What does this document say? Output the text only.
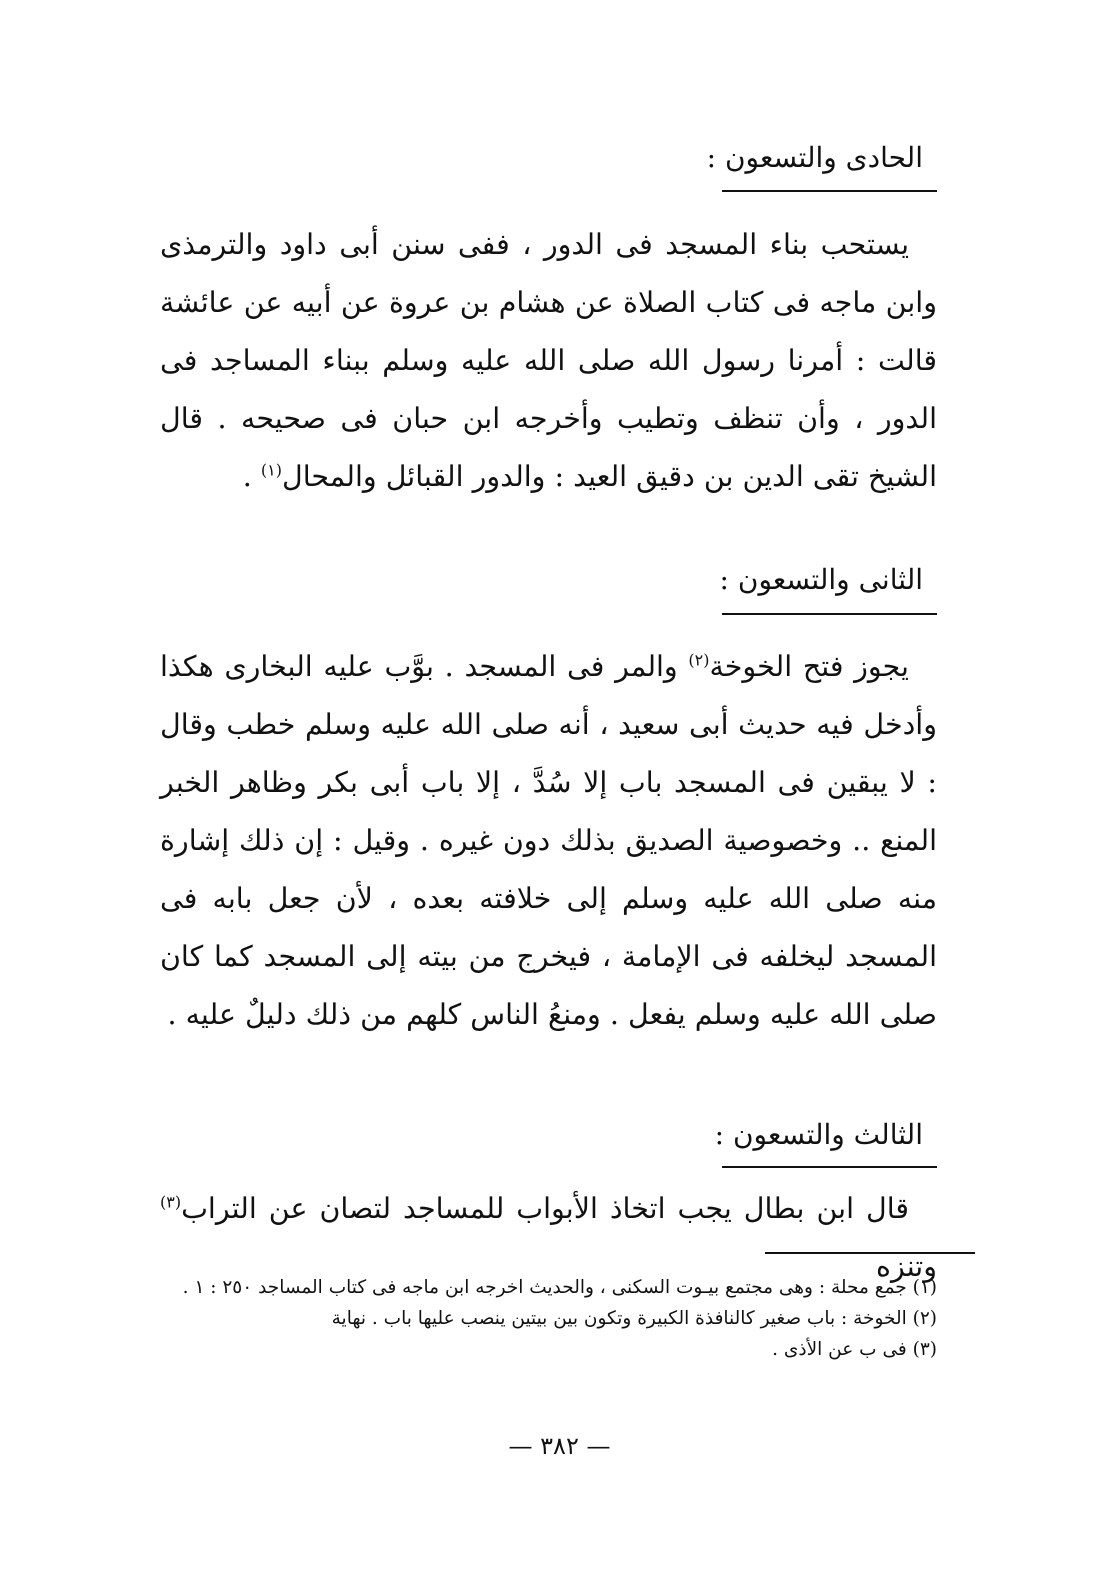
الحادى والتسعون :

يستحب بناء المسجد فى الدور ، ففى سنن أبى داود والترمذى وابن ماجه فى كتاب الصلاة عن هشام بن عروة عن أبيه عن عائشة قالت : أمرنا رسول الله صلى الله عليه وسلم ببناء المساجد فى الدور ، وأن تنظف وتطيب وأخرجه ابن حبان فى صحيحه . قال الشيخ تقى الدين بن دقيق العيد : والدور القبائل والمحال$^{(١)}$ .

الثانى والتسعون :

يجوز فتح الخوخة$^{(٢)}$ والمر فى المسجد . بوَّب عليه البخارى هكذا وأدخل فيه حديث أبى سعيد ، أنه صلى الله عليه وسلم خطب وقال : لا يبقين فى المسجد باب إلا سُدَّ ، إلا باب أبى بكر وظاهر الخبر المنع .. وخصوصية الصديق بذلك دون غيره . وقيل : إن ذلك إشارة منه صلى الله عليه وسلم إلى خلافته بعده ، لأن جعل بابه فى المسجد ليخلفه فى الإمامة ، فيخرج من بيته إلى المسجد كما كان صلى الله عليه وسلم يفعل . ومنعُ الناس كلهم من ذلك دليلٌ عليه .

الثالث والتسعون :

قال ابن بطال يجب اتخاذ الأبواب للمساجد لتصان عن التراب$^{(٣)}$ وتنزه

(١) جمع محلة : وهى مجتمع بيـوت السكنى ، والحديث اخرجه ابن ماجه فى كتاب المساجد ٢٥٠ : ١ .
(٢) الخوخة : باب صغير كالنافذة الكبيرة وتكون بين بيتين ينصب عليها باب . نهاية
(٣) فى ب عن الأذى .
— ٣٨٢ —
